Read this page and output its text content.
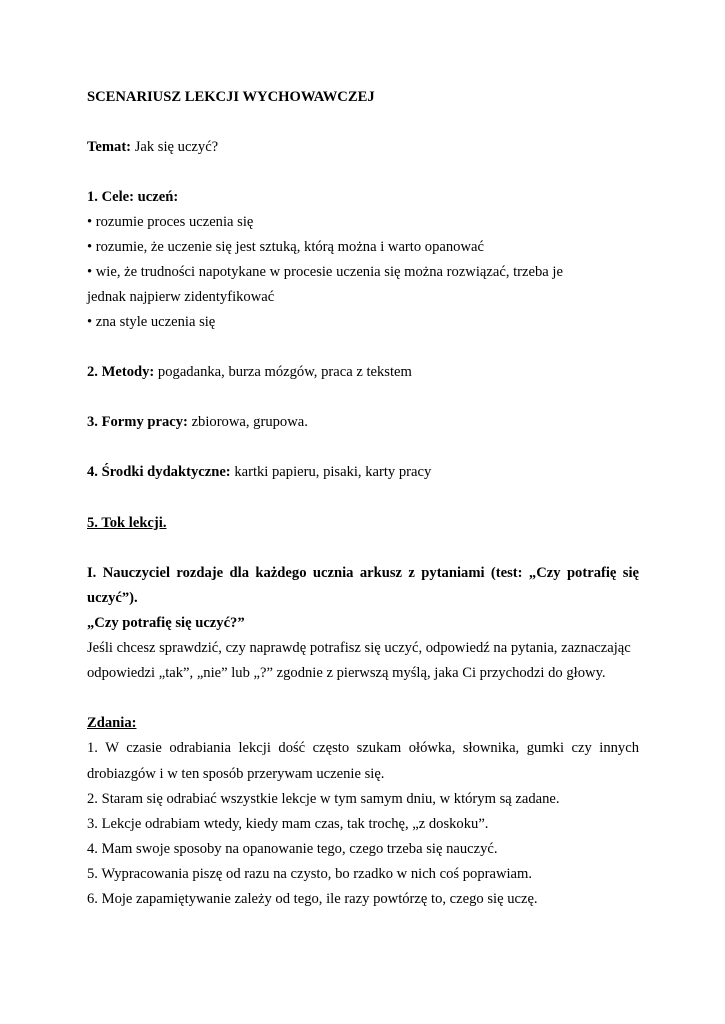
SCENARIUSZ LEKCJI WYCHOWAWCZEJ
Temat: Jak się uczyć?
1. Cele: uczeń:
• rozumie proces uczenia się
• rozumie, że uczenie się jest sztuką, którą można i warto opanować
• wie, że trudności napotykane w procesie uczenia się można rozwiązać, trzeba je
jednak najpierw zidentyfikować
• zna style uczenia się
2. Metody: pogadanka, burza mózgów, praca z tekstem
3. Formy pracy: zbiorowa, grupowa.
4. Środki dydaktyczne: kartki papieru, pisaki, karty pracy
5. Tok lekcji.
I. Nauczyciel rozdaje dla każdego ucznia arkusz z pytaniami (test: „Czy potrafię się
uczyć”).
„Czy potrafię się uczyć?”
Jeśli chcesz sprawdzić, czy naprawdę potrafisz się uczyć, odpowiedź na pytania, zaznaczając
odpowiedzi „tak”, „nie” lub „?” zgodnie z pierwszą myślą, jaka Ci przychodzi do głowy.
Zdania:
1. W czasie odrabiania lekcji dość często szukam ołówka, słownika, gumki czy innych
drobiazgów i w ten sposób przerywam uczenie się.
2. Staram się odrabiać wszystkie lekcje w tym samym dniu, w którym są zadane.
3. Lekcje odrabiam wtedy, kiedy mam czas, tak trochę, „z doskoku”.
4. Mam swoje sposoby na opanowanie tego, czego trzeba się nauczyć.
5. Wypracowania piszę od razu na czysto, bo rzadko w nich coś poprawiam.
6. Moje zapamiętywanie zależy od tego, ile razy powtórzę to, czego się uczę.
